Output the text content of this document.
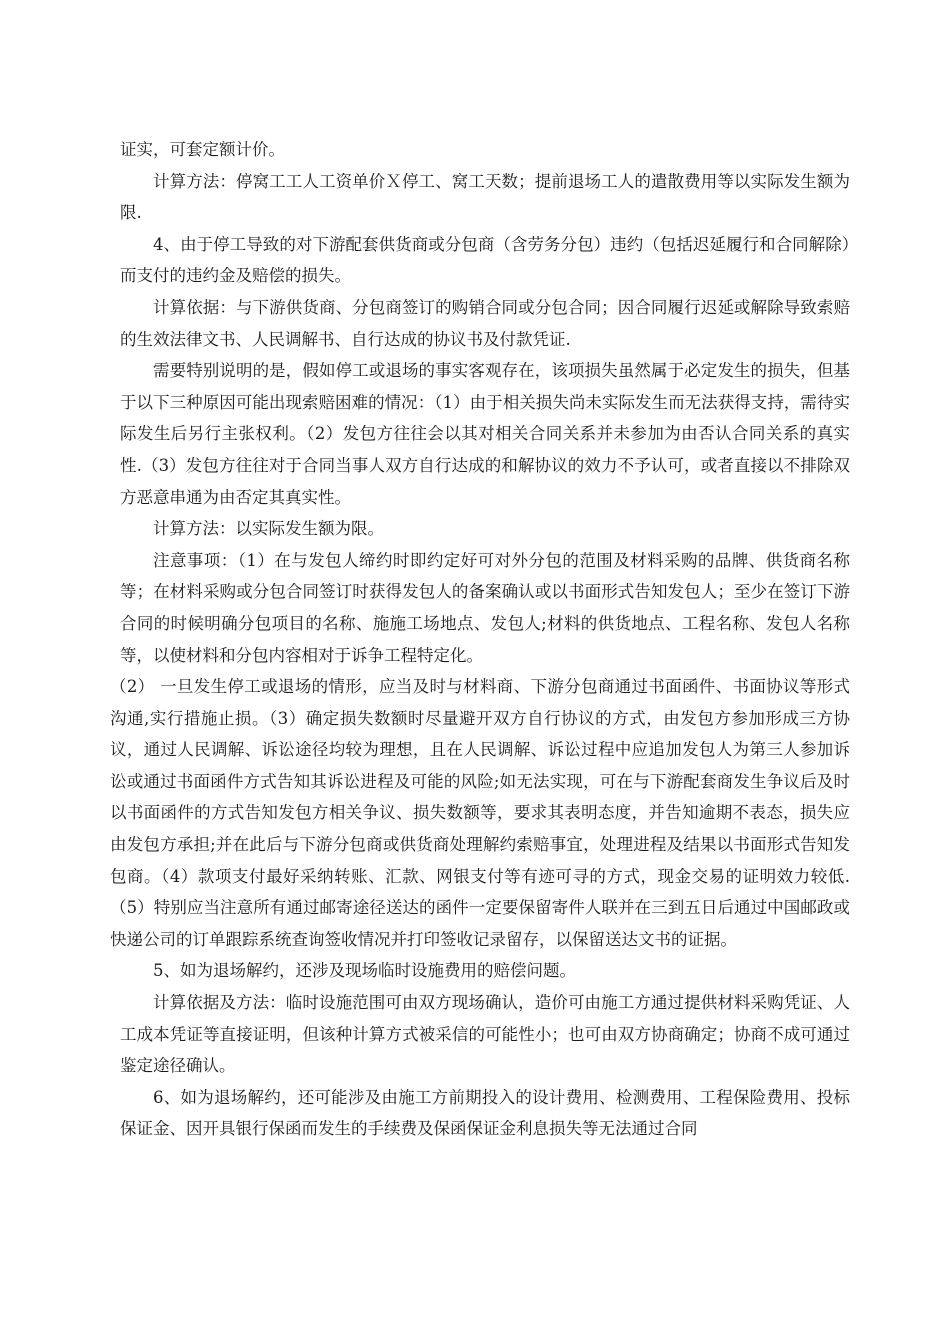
证实，可套定额计价。

计算方法：停窝工工人工资单价Ｘ停工、窝工天数；提前退场工人的遣散费用等以实际发生额为限.

4、由于停工导致的对下游配套供货商或分包商（含劳务分包）违约（包括迟延履行和合同解除）而支付的违约金及赔偿的损失。

计算依据：与下游供货商、分包商签订的购销合同或分包合同；因合同履行迟延或解除导致索赔的生效法律文书、人民调解书、自行达成的协议书及付款凭证.

需要特别说明的是，假如停工或退场的事实客观存在，该项损失虽然属于必定发生的损失，但基于以下三种原因可能出现索赔困难的情况：（1）由于相关损失尚未实际发生而无法获得支持，需待实际发生后另行主张权利。（2）发包方往往会以其对相关合同关系并未参加为由否认合同关系的真实性.（3）发包方往往对于合同当事人双方自行达成的和解协议的效力不予认可，或者直接以不排除双方恶意串通为由否定其真实性。

计算方法：以实际发生额为限。

注意事项：（1）在与发包人缔约时即约定好可对外分包的范围及材料采购的品牌、供货商名称等；在材料采购或分包合同签订时获得发包人的备案确认或以书面形式告知发包人；至少在签订下游合同的时候明确分包项目的名称、施施工场地点、发包人;材料的供货地点、工程名称、发包人名称等，以使材料和分包内容相对于诉争工程特定化。

（2） 一旦发生停工或退场的情形，应当及时与材料商、下游分包商通过书面函件、书面协议等形式沟通,实行措施止损。（3）确定损失数额时尽量避开双方自行协议的方式，由发包方参加形成三方协议，通过人民调解、诉讼途径均较为理想，且在人民调解、诉讼过程中应追加发包人为第三人参加诉讼或通过书面函件方式告知其诉讼进程及可能的风险;如无法实现，可在与下游配套商发生争议后及时以书面函件的方式告知发包方相关争议、损失数额等，要求其表明态度，并告知逾期不表态，损失应由发包方承担;并在此后与下游分包商或供货商处理解约索赔事宜，处理进程及结果以书面形式告知发包商。（4）款项支付最好采纳转账、汇款、网银支付等有迹可寻的方式，现金交易的证明效力较低.（5）特别应当注意所有通过邮寄途径送达的函件一定要保留寄件人联并在三到五日后通过中国邮政或快递公司的订单跟踪系统查询签收情况并打印签收记录留存，以保留送达文书的证据。

5、如为退场解约，还涉及现场临时设施费用的赔偿问题。

计算依据及方法：临时设施范围可由双方现场确认，造价可由施工方通过提供材料采购凭证、人工成本凭证等直接证明，但该种计算方式被采信的可能性小；也可由双方协商确定；协商不成可通过鉴定途径确认。

6、如为退场解约，还可能涉及由施工方前期投入的设计费用、检测费用、工程保险费用、投标保证金、因开具银行保函而发生的手续费及保函保证金利息损失等无法通过合同
